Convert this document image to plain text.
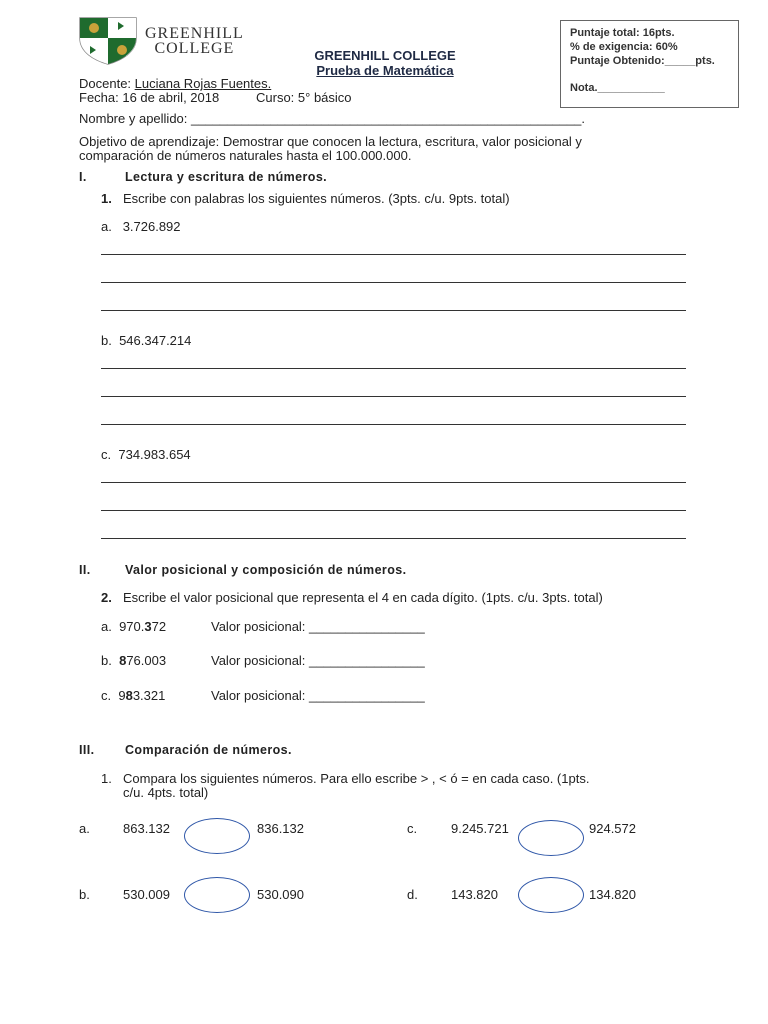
GREENHILL
COLLEGE	GREENHILL COLLEGE
Prueba de Matemática
Puntaje total: 16pts.
% de exigencia: 60%
Puntaje Obtenido:_____pts.
Nota.___________
Docente: Luciana Rojas Fuentes.
Fecha: 16 de abril, 2018	Curso: 5° básico
Nombre y apellido: ______________________________________________________.
Objetivo de aprendizaje: Demostrar que conocen la lectura, escritura, valor posicional y
comparación de números naturales hasta el 100.000.000.
I.	Lectura y escritura de números.
1. Escribe con palabras los siguientes números. (3pts. c/u. 9pts. total)
a. 3.726.892
b. 546.347.214
c. 734.983.654
II.	Valor posicional y composición de números.
2. Escribe el valor posicional que representa el 4 en cada dígito. (1pts. c/u. 3pts. total)
a. 970.372	Valor posicional: ________________
b. 876.003	Valor posicional: ________________
c. 983.321	Valor posicional: ________________
III. Comparación de números.
1. Compara los siguientes números. Para ello escribe > , < ó = en cada caso. (1pts.
c/u. 4pts. total)
a.	863.132	836.132	c.	9.245.721	924.572
b.	530.009	530.090	d.	143.820	134.820
